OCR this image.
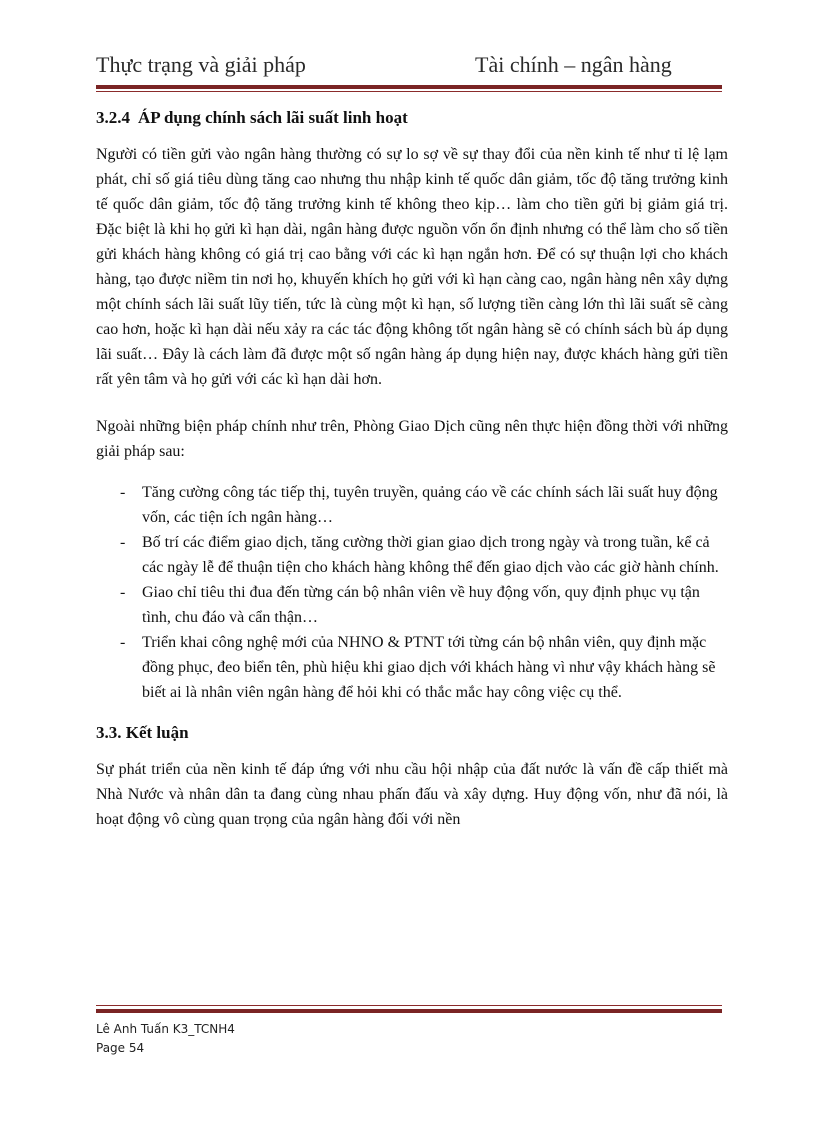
Thực trạng và giải pháp	Tài chính – ngân hàng
3.2.4 ÁP dụng chính sách lãi suất linh hoạt

Người có tiền gửi vào ngân hàng thường có sự lo sợ về sự thay đổi của nền kinh tế như tỉ lệ lạm phát, chỉ số giá tiêu dùng tăng cao nhưng thu nhập kinh tế quốc dân giảm, tốc độ tăng trưởng kinh tế quốc dân giảm, tốc độ tăng trưởng kinh tế không theo kịp… làm cho tiền gửi bị giảm giá trị. Đặc biệt là khi họ gửi kì hạn dài, ngân hàng được nguồn vốn ổn định nhưng có thể làm cho số tiền gửi khách hàng không có giá trị cao bằng với các kì hạn ngắn hơn. Để có sự thuận lợi cho khách hàng, tạo được niềm tin nơi họ, khuyến khích họ gửi với kì hạn càng cao, ngân hàng nên xây dựng một chính sách lãi suất lũy tiến, tức là cùng một kì hạn, số lượng tiền càng lớn thì lãi suất sẽ càng cao hơn, hoặc kì hạn dài nếu xảy ra các tác động không tốt ngân hàng sẽ có chính sách bù áp dụng lãi suất… Đây là cách làm đã được một số ngân hàng áp dụng hiện nay, được khách hàng gửi tiền rất yên tâm và họ gửi với các kì hạn dài hơn.

Ngoài những biện pháp chính như trên, Phòng Giao Dịch cũng nên thực hiện đồng thời với những giải pháp sau:

- Tăng cường công tác tiếp thị, tuyên truyền, quảng cáo về các chính sách lãi suất huy động vốn, các tiện ích ngân hàng…
- Bố trí các điểm giao dịch, tăng cường thời gian giao dịch trong ngày và trong tuần, kể cả các ngày lễ để thuận tiện cho khách hàng không thể đến giao dịch vào các giờ hành chính.
- Giao chỉ tiêu thi đua đến từng cán bộ nhân viên về huy động vốn, quy định phục vụ tận tình, chu đáo và cẩn thận…
- Triển khai công nghệ mới của NHNO & PTNT tới từng cán bộ nhân viên, quy định mặc đồng phục, đeo biển tên, phù hiệu khi giao dịch với khách hàng vì như vậy khách hàng sẽ biết ai là nhân viên ngân hàng để hỏi khi có thắc mắc hay công việc cụ thể.
3.3. Kết luận

Sự phát triển của nền kinh tế đáp ứng với nhu cầu hội nhập của đất nước là vấn đề cấp thiết mà Nhà Nước và nhân dân ta đang cùng nhau phấn đấu và xây dựng. Huy động vốn, như đã nói, là hoạt động vô cùng quan trọng của ngân hàng đối với nền

Lê Anh Tuấn K3_TCNH4
Page 54
